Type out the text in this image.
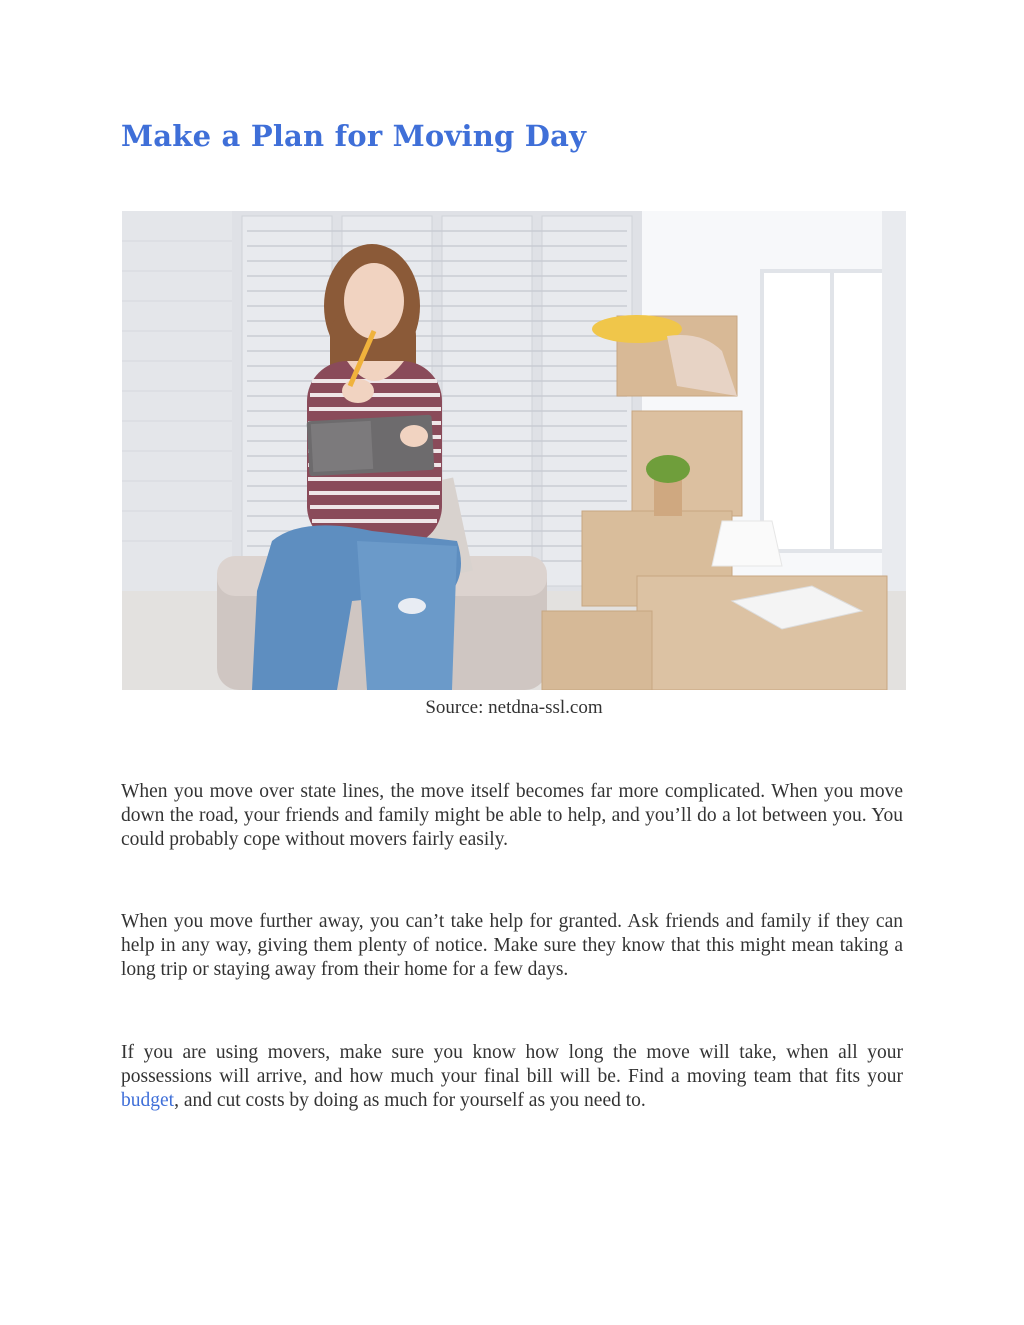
Make a Plan for Moving Day
Source: netdna-ssl.com

When you move over state lines, the move itself becomes far more complicated. When you move down the road, your friends and family might be able to help, and you’ll do a lot between you. You could probably cope without movers fairly easily.

When you move further away, you can’t take help for granted. Ask friends and family if they can help in any way, giving them plenty of notice. Make sure they know that this might mean taking a long trip or staying away from their home for a few days.

If you are using movers, make sure you know how long the move will take, when all your possessions will arrive, and how much your final bill will be. Find a moving team that fits your budget, and cut costs by doing as much for yourself as you need to.
